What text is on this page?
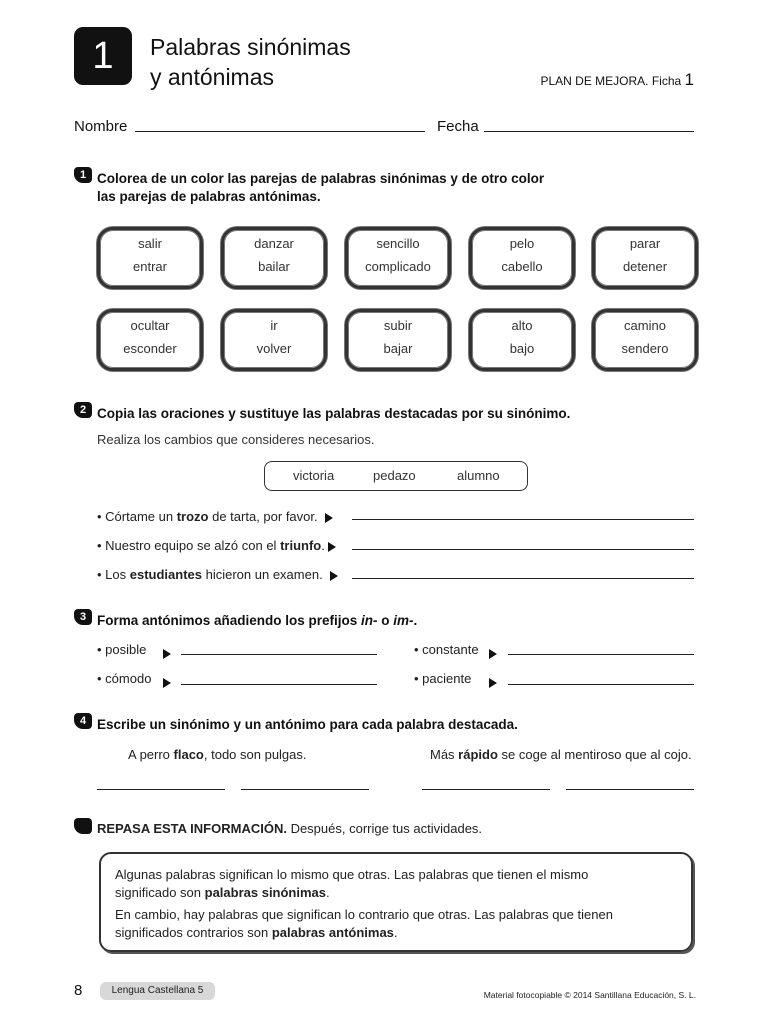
1	Palabras sinónimas
y antónimas	PLAN DE MEJORA. Ficha 1
Nombre	Fecha
1 Colorea de un color las parejas de palabras sinónimas y de otro color
las parejas de palabras antónimas.
salir
entrar
danzar
bailar
sencillo
complicado
pelo
cabello
parar
detener
ocultar
esconder
ir
volver
subir
bajar
alto
bajo
camino
sendero
2 Copia las oraciones y sustituye las palabras destacadas por su sinónimo.
Realiza los cambios que consideres necesarios.
victoria	pedazo	alumno
• Córtame un trozo de tarta, por favor.
• Nuestro equipo se alzó con el triunfo.
• Los estudiantes hicieron un examen.
3 Forma antónimos añadiendo los prefijos in- o im-.
• posible	• constante
• cómodo	• paciente
4 Escribe un sinónimo y un antónimo para cada palabra destacada.
A perro flaco, todo son pulgas.	Más rápido se coge al mentiroso que al cojo.
REPASA ESTA INFORMACIÓN. Después, corrige tus actividades.

Algunas palabras significan lo mismo que otras. Las palabras que tienen el mismo
significado son palabras sinónimas.

En cambio, hay palabras que significan lo contrario que otras. Las palabras que tienen
significados contrarios son palabras antónimas.

8	Lengua Castellana 5	Material fotocopiable © 2014 Santillana Educación, S. L.
